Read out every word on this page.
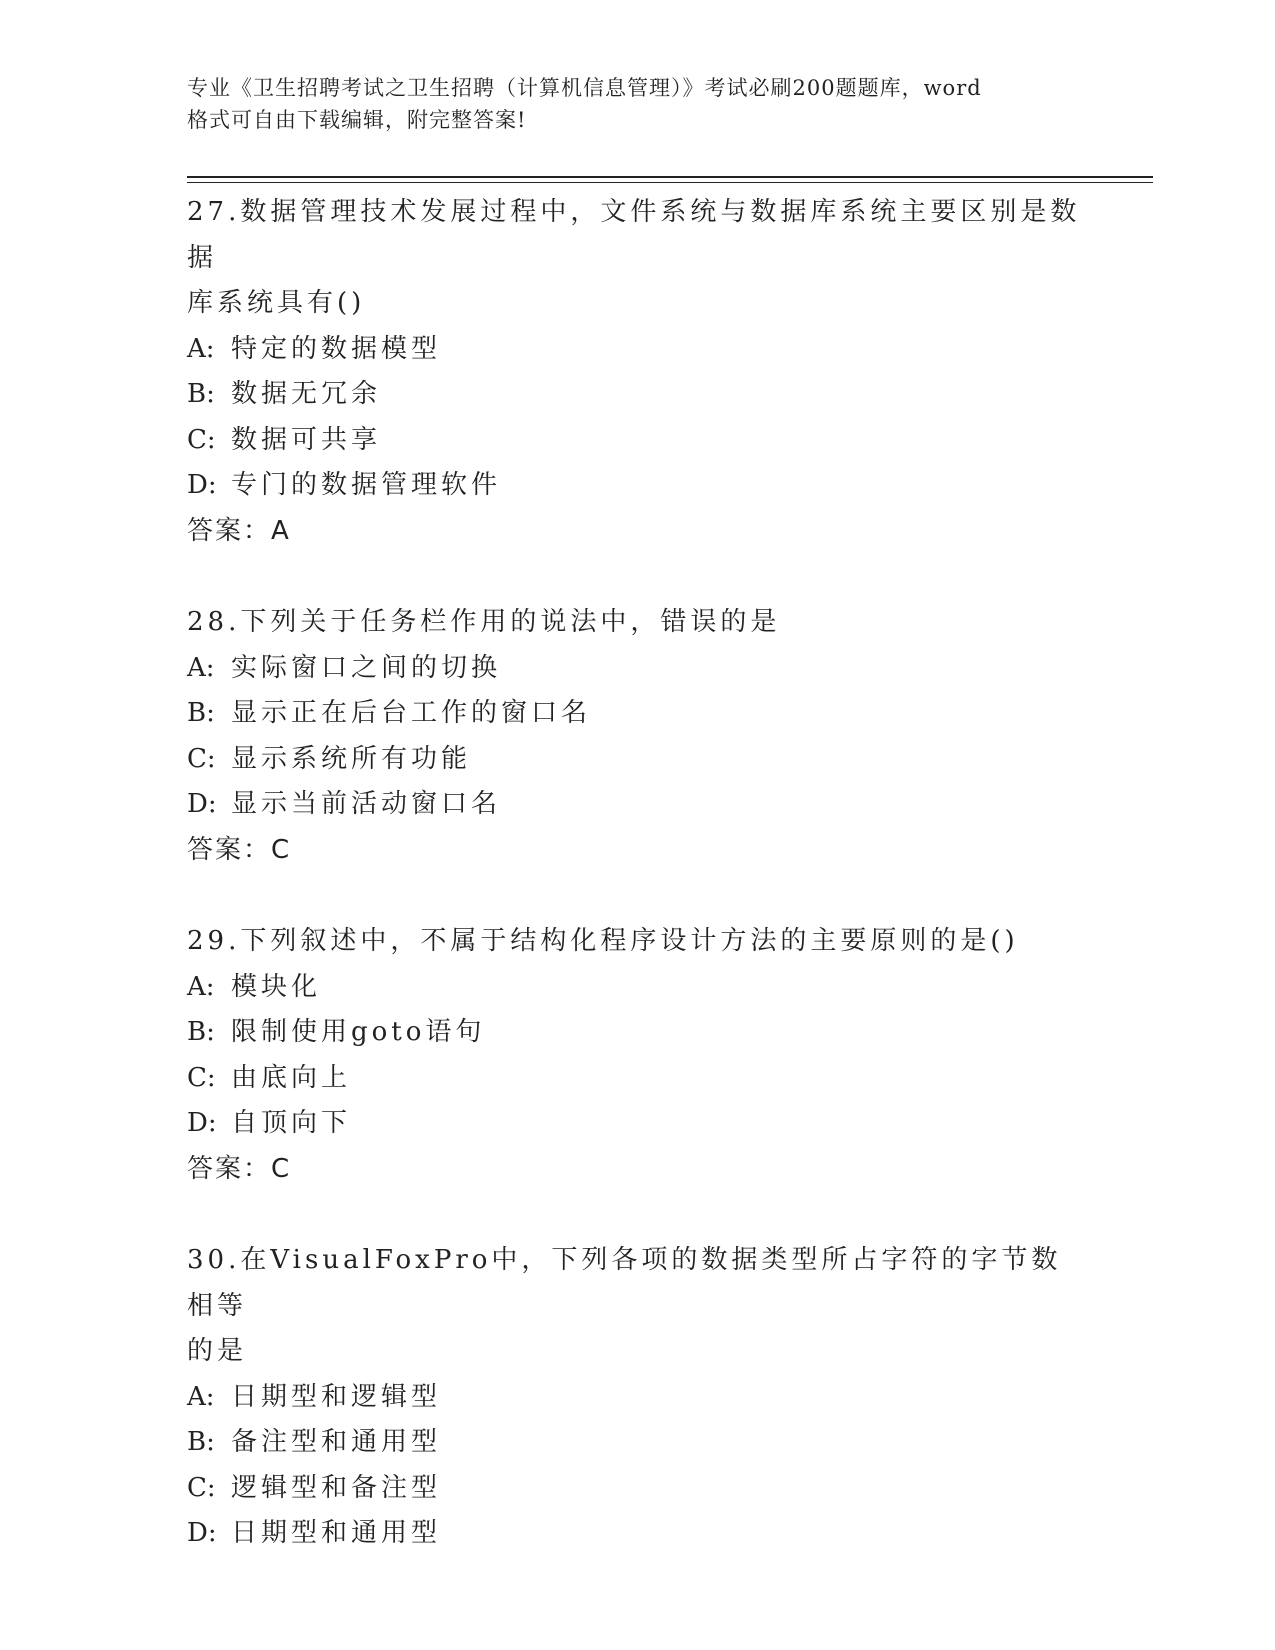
专业《卫生招聘考试之卫生招聘（计算机信息管理）》考试必刷200题题库，word
格式可自由下载编辑，附完整答案!

27.数据管理技术发展过程中，文件系统与数据库系统主要区别是数据

库系统具有()

A: 特定的数据模型

B: 数据无冗余

C: 数据可共享

D: 专门的数据管理软件

答案：A

28.下列关于任务栏作用的说法中，错误的是

A: 实际窗口之间的切换

B: 显示正在后台工作的窗口名

C: 显示系统所有功能

D: 显示当前活动窗口名

答案：C

29.下列叙述中，不属于结构化程序设计方法的主要原则的是()

A: 模块化

B: 限制使用goto语句

C: 由底向上

D: 自顶向下

答案：C

30.在VisualFoxPro中，下列各项的数据类型所占字符的字节数相等

的是

A: 日期型和逻辑型

B: 备注型和通用型

C: 逻辑型和备注型

D: 日期型和通用型
